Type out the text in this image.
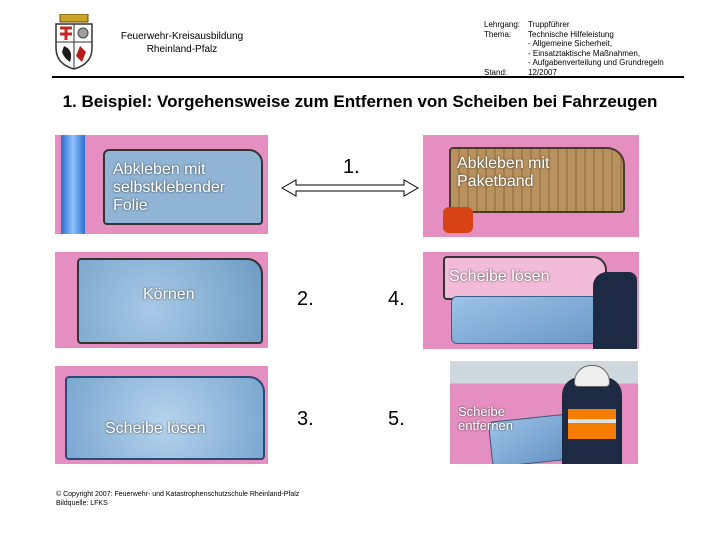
Feuerwehr-Kreisausbildung
Rheinland-Pfalz
Lehrgang: Truppführer
Thema:	Technische Hilfeleistung
- Allgemeine Sicherheit,
- Einsatztaktische Maßnahmen,
- Aufgabenverteilung und Grundregeln
Stand:	12/2007
1. Beispiel: Vorgehensweise zum Entfernen von Scheiben bei Fahrzeugen
Abkleben mit
selbstklebender
Folie
Abkleben mit
Paketband
1.
Körnen
Scheibe lösen
2.	4.
Scheibe lösen	3.	5.	Scheibe
entfernen
© Copyright 2007: Feuerwehr- und Katastrophenschutzschule Rheinland-Pfalz
Bildquelle: LFKS
